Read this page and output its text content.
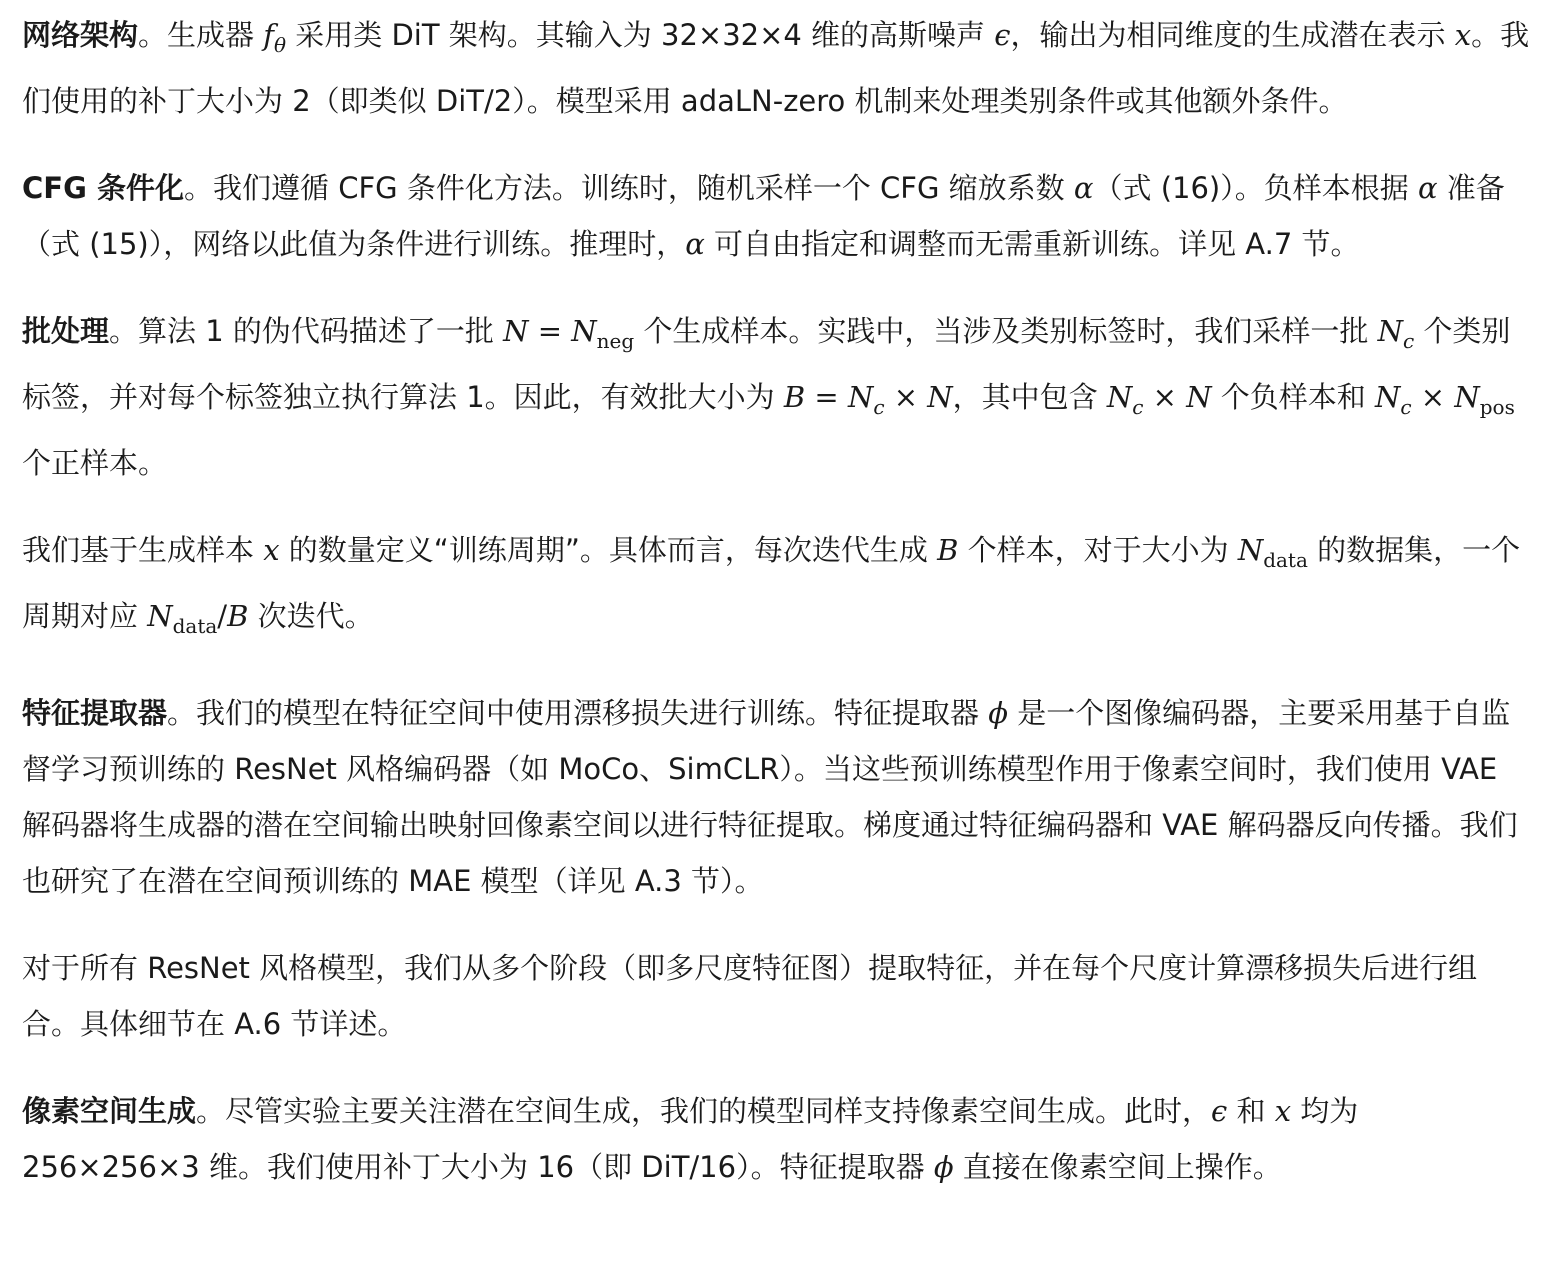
网络架构。生成器 $f_\theta$ 采用类 DiT 架构。其输入为 32×32×4 维的高斯噪声 ϵ，输出为相同维度的生成潜在表示 x。我们使用的补丁大小为 2（即类似 DiT/2）。模型采用 adaLN-zero 机制来处理类别条件或其他额外条件。

CFG 条件化。我们遵循 CFG 条件化方法。训练时，随机采样一个 CFG 缩放系数 α（式 (16)）。负样本根据 α 准备（式 (15)），网络以此值为条件进行训练。推理时，α 可自由指定和调整而无需重新训练。详见 A.7 节。

批处理。算法 1 的伪代码描述了一批 $N = N_{neg}$ 个生成样本。实践中，当涉及类别标签时，我们采样一批 $N_c$ 个类别标签，并对每个标签独立执行算法 1。因此，有效批大小为 $B = N_c \times N$，其中包含 $N_c \times N$ 个负样本和 $N_c \times N_{pos}$ 个正样本。

我们基于生成样本 x 的数量定义“训练周期”。具体而言，每次迭代生成 B 个样本，对于大小为 $N_{data}$ 的数据集，一个周期对应 $N_{data}/B$ 次迭代。

特征提取器。我们的模型在特征空间中使用漂移损失进行训练。特征提取器 ϕ 是一个图像编码器，主要采用基于自监督学习预训练的 ResNet 风格编码器（如 MoCo、SimCLR）。当这些预训练模型作用于像素空间时，我们使用 VAE 解码器将生成器的潜在空间输出映射回像素空间以进行特征提取。梯度通过特征编码器和 VAE 解码器反向传播。我们也研究了在潜在空间预训练的 MAE 模型（详见 A.3 节）。

对于所有 ResNet 风格模型，我们从多个阶段（即多尺度特征图）提取特征，并在每个尺度计算漂移损失后进行组合。具体细节在 A.6 节详述。

像素空间生成。尽管实验主要关注潜在空间生成，我们的模型同样支持像素空间生成。此时，ϵ 和 x 均为 256×256×3 维。我们使用补丁大小为 16（即 DiT/16）。特征提取器 ϕ 直接在像素空间上操作。
